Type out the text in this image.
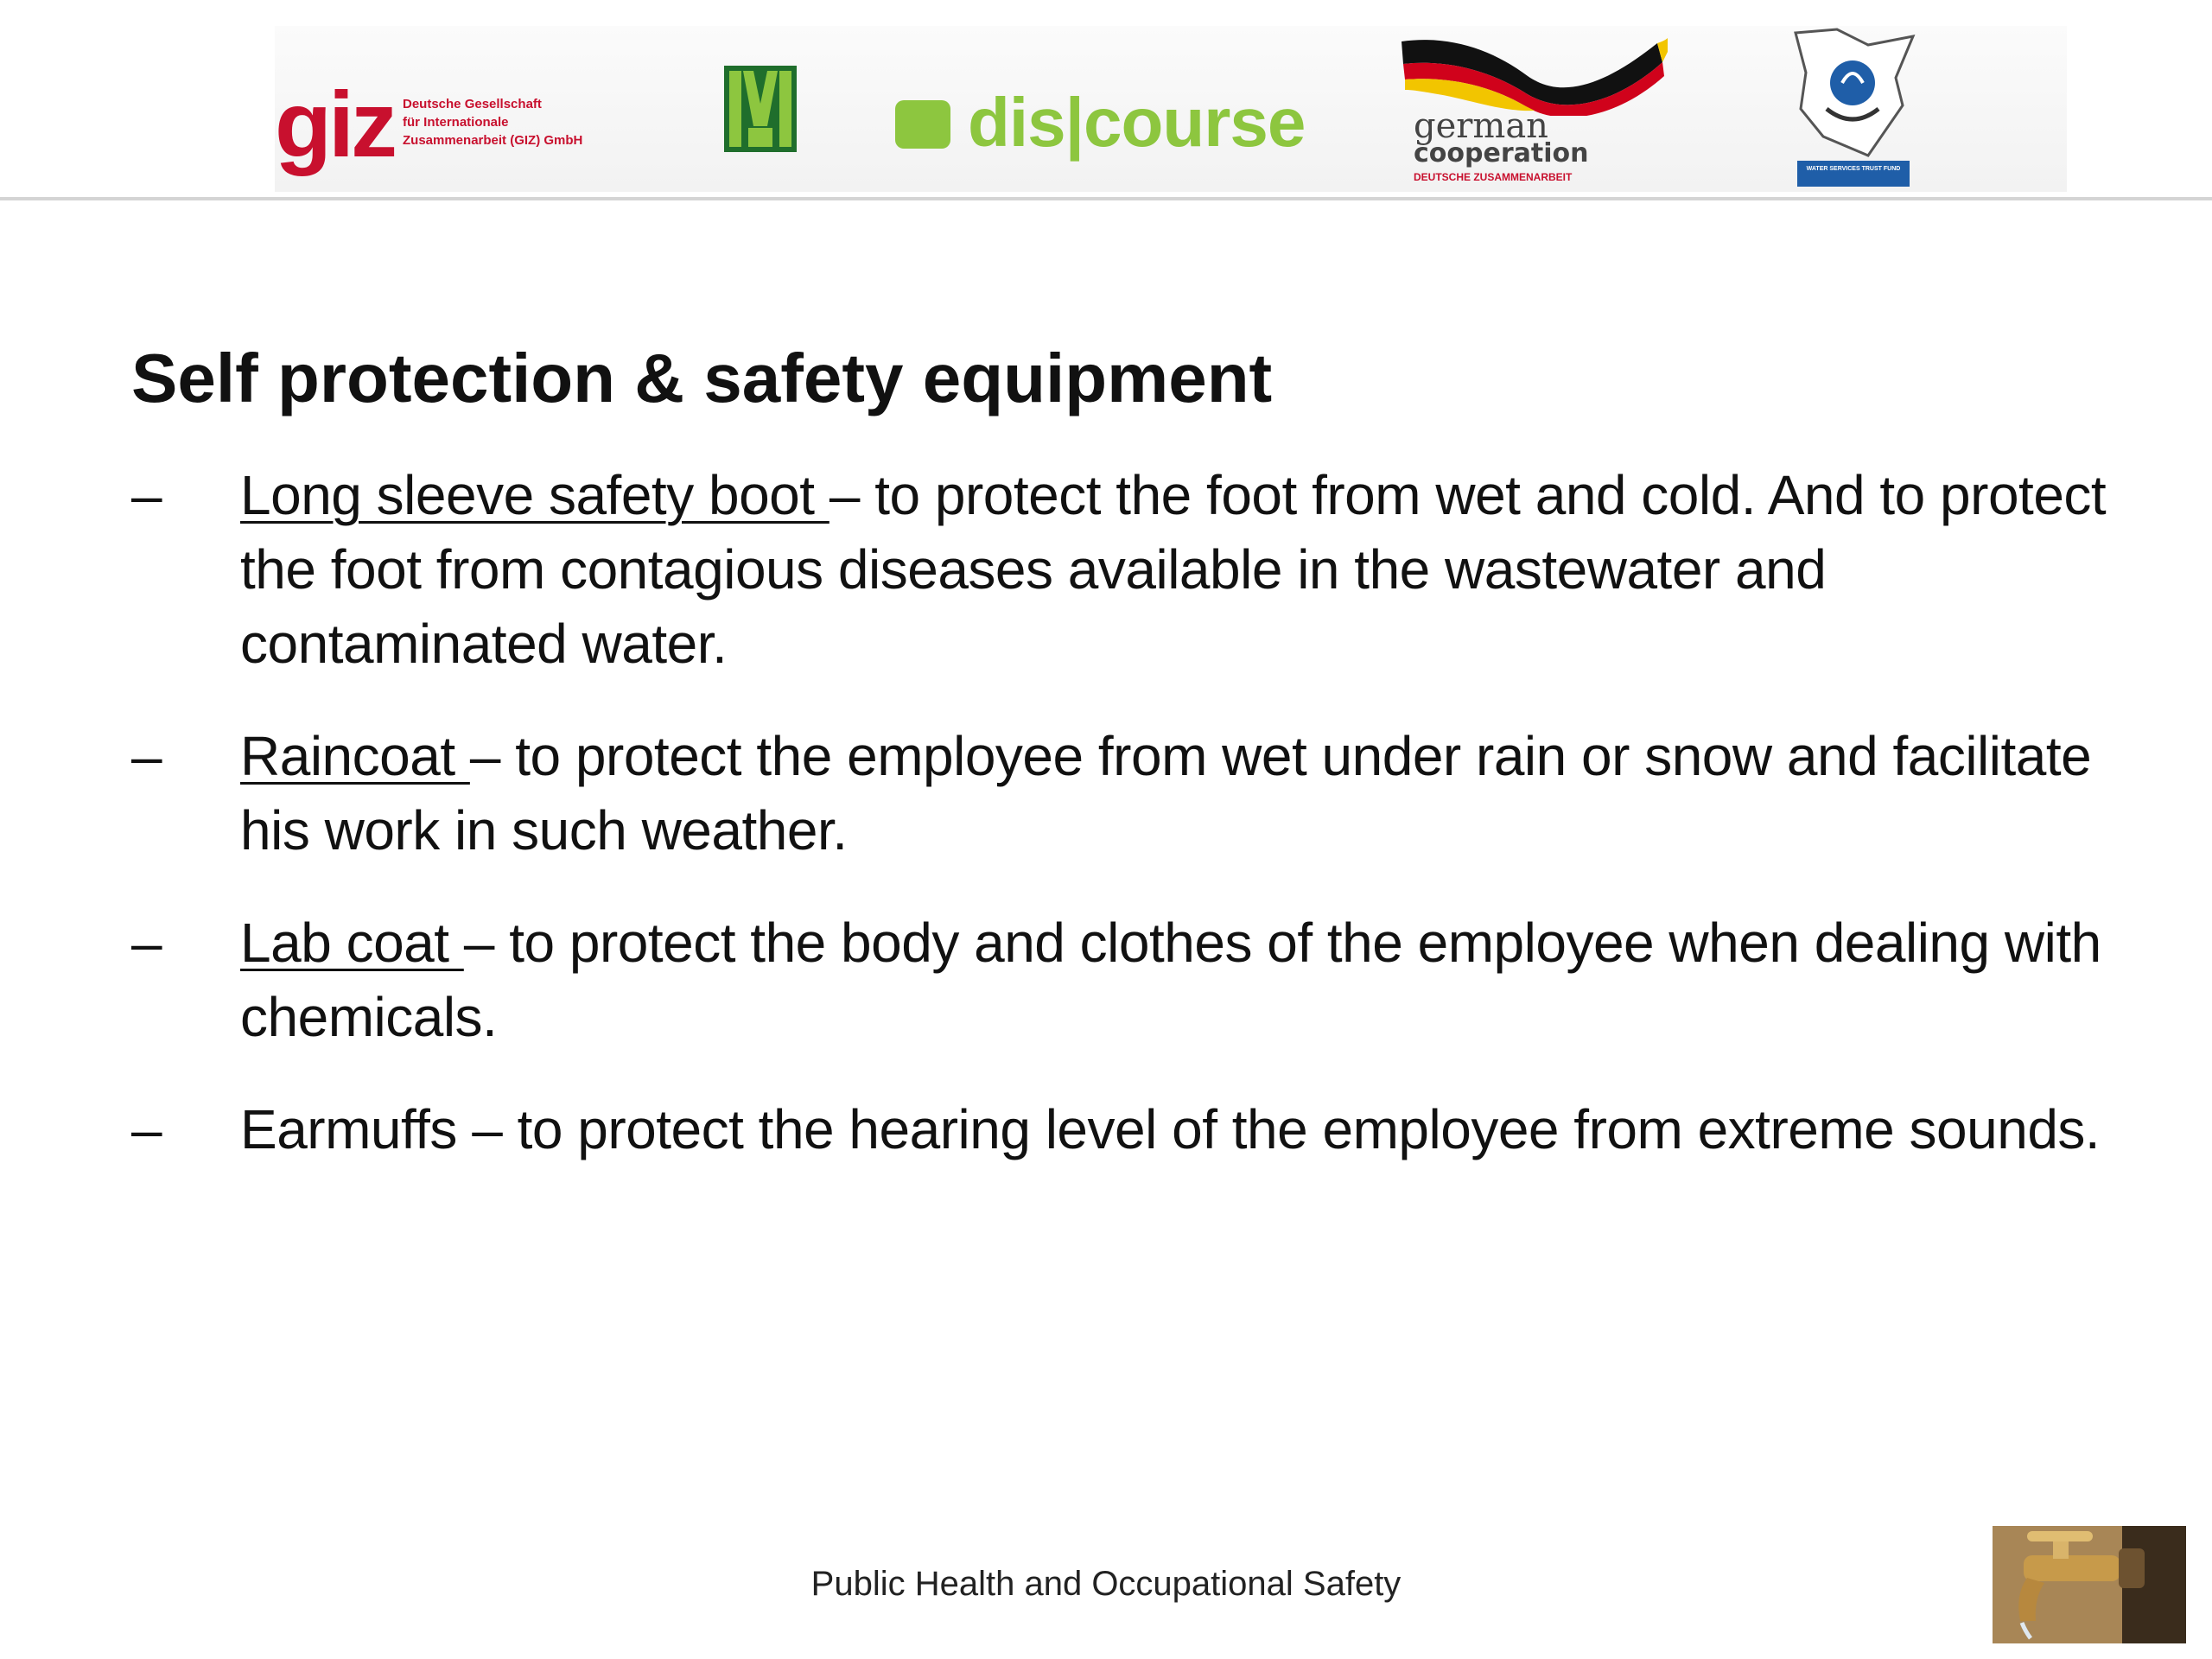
giz Deutsche Gesellschaft
für Internationale
Zusammenarbeit (GIZ) GmbH	dis|course	german
cooperation
DEUTSCHE ZUSAMMENARBEIT
WATER SERVICES TRUST FUND
Self protection & safety equipment
– Long sleeve safety boot – to protect the foot from wet and cold. And to protect the foot from contagious diseases available in the wastewater and contaminated water.
– Raincoat – to protect the employee from wet under rain or snow and facilitate his work in such weather.
– Lab coat – to protect the body and clothes of the employee when dealing with chemicals.
– Earmuffs – to protect the hearing level of the employee from extreme sounds.
Public Health and Occupational Safety
